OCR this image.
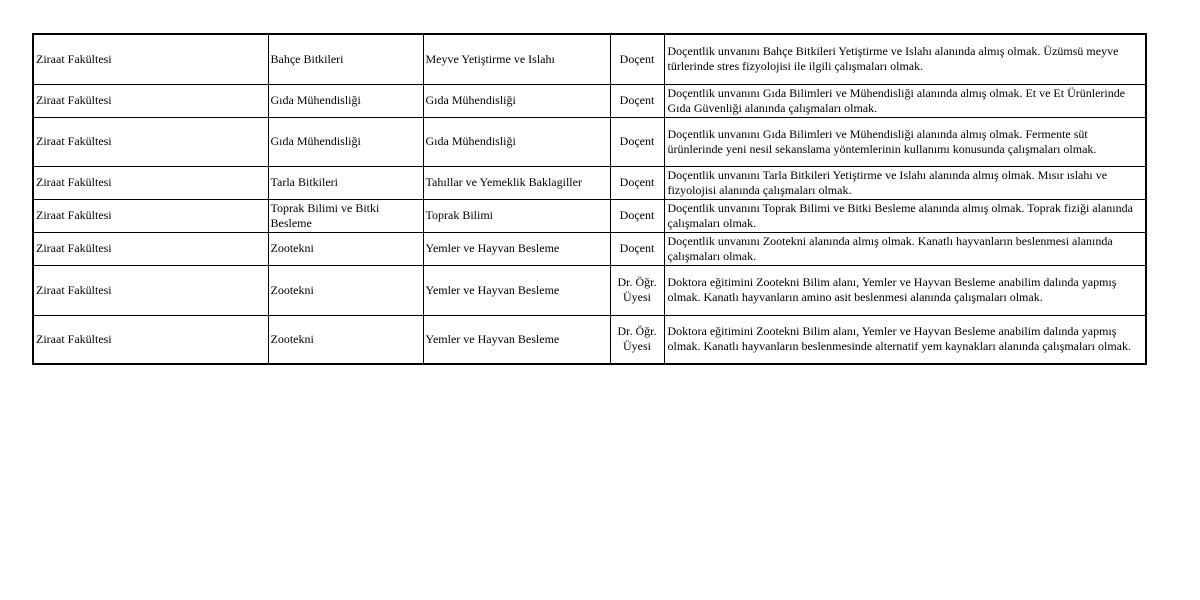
Ziraat Fakültesi	Bahçe Bitkileri	Meyve Yetiştirme ve Islahı	Doçent	Doçentlik unvanını Bahçe Bitkileri Yetiştirme ve Islahı alanında almış olmak. Üzümsü meyve türlerinde stres fizyolojisi ile ilgili çalışmaları olmak.
Ziraat Fakültesi	Gıda Mühendisliği	Gıda Mühendisliği	Doçent	Doçentlik unvanını Gıda Bilimleri ve Mühendisliği alanında almış olmak. Et ve Et Ürünlerinde Gıda Güvenliği alanında çalışmaları olmak.
Ziraat Fakültesi	Gıda Mühendisliği	Gıda Mühendisliği	Doçent	Doçentlik unvanını Gıda Bilimleri ve Mühendisliği alanında almış olmak. Fermente süt ürünlerinde yeni nesil sekanslama yöntemlerinin kullanımı konusunda çalışmaları olmak.
Ziraat Fakültesi	Tarla Bitkileri	Tahıllar ve Yemeklik Baklagiller	Doçent	Doçentlik unvanını Tarla Bitkileri Yetiştirme ve Islahı alanında almış olmak. Mısır ıslahı ve fizyolojisi alanında çalışmaları olmak.
Ziraat Fakültesi	Toprak Bilimi ve Bitki Besleme	Toprak Bilimi	Doçent	Doçentlik unvanını Toprak Bilimi ve Bitki Besleme alanında almış olmak. Toprak fiziği alanında çalışmaları olmak.
Ziraat Fakültesi	Zootekni	Yemler ve Hayvan Besleme	Doçent	Doçentlik unvanını Zootekni alanında almış olmak. Kanatlı hayvanların beslenmesi alanında çalışmaları olmak.
Ziraat Fakültesi	Zootekni	Yemler ve Hayvan Besleme	Dr. Öğr. Üyesi	Doktora eğitimini Zootekni Bilim alanı, Yemler ve Hayvan Besleme anabilim dalında yapmış olmak. Kanatlı hayvanların amino asit beslenmesi alanında çalışmaları olmak.
Ziraat Fakültesi	Zootekni	Yemler ve Hayvan Besleme	Dr. Öğr. Üyesi	Doktora eğitimini Zootekni Bilim alanı, Yemler ve Hayvan Besleme anabilim dalında yapmış olmak. Kanatlı hayvanların beslenmesinde alternatif yem kaynakları alanında çalışmaları olmak.
